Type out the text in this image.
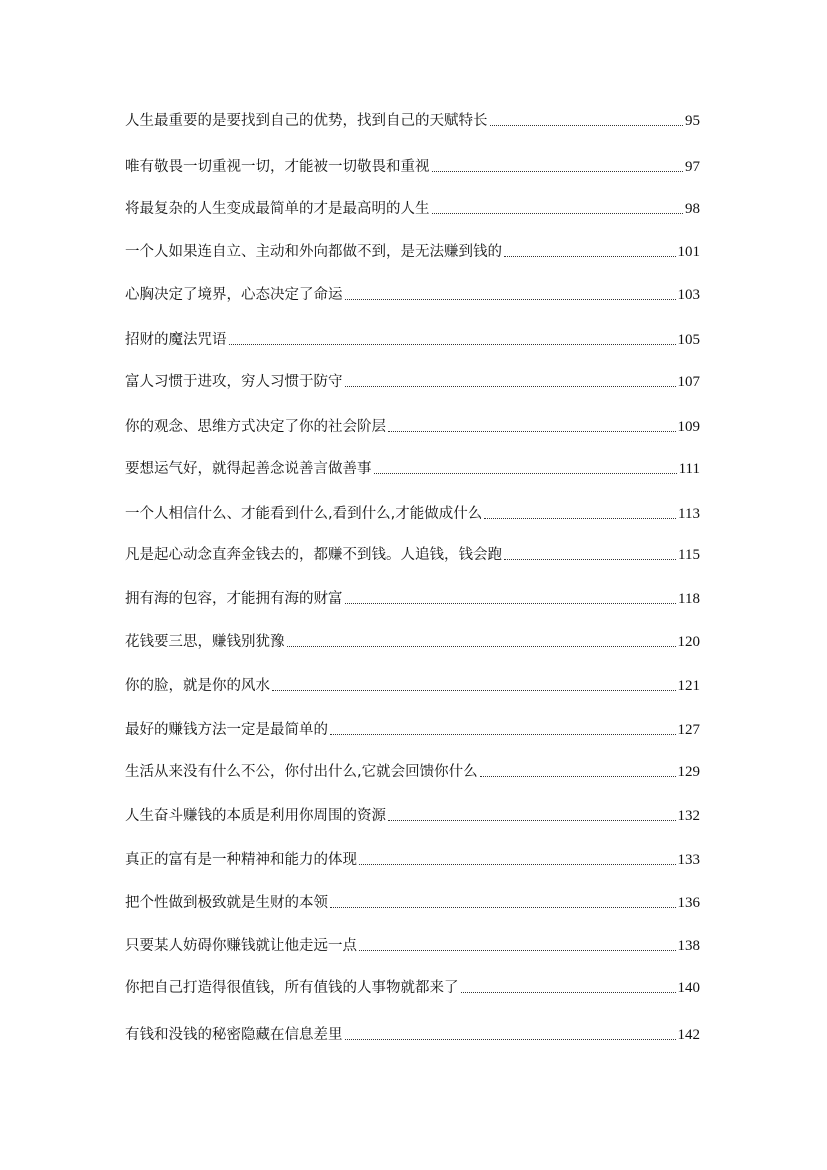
人生最重要的是要找到自己的优势，找到自己的天赋特长	95
唯有敬畏一切重视一切，才能被一切敬畏和重视	97
将最复杂的人生变成最简单的才是最高明的人生	98
一个人如果连自立、主动和外向都做不到，是无法赚到钱的	101
心胸决定了境界，心态决定了命运	103
招财的魔法咒语	105
富人习惯于进攻，穷人习惯于防守	107
你的观念、思维方式决定了你的社会阶层	109
要想运气好，就得起善念说善言做善事	111
一个人相信什么、才能看到什么,看到什么,才能做成什么	113
凡是起心动念直奔金钱去的，都赚不到钱。人追钱，钱会跑	115
拥有海的包容，才能拥有海的财富	118
花钱要三思，赚钱别犹豫	120
你的脸，就是你的风水	121
最好的赚钱方法一定是最简单的	127
生活从来没有什么不公，你付出什么,它就会回馈你什么	129
人生奋斗赚钱的本质是利用你周围的资源	132
真正的富有是一种精神和能力的体现	133
把个性做到极致就是生财的本领	136
只要某人妨碍你赚钱就让他走远一点	138
你把自己打造得很值钱，所有值钱的人事物就都来了	140
有钱和没钱的秘密隐藏在信息差里	142
